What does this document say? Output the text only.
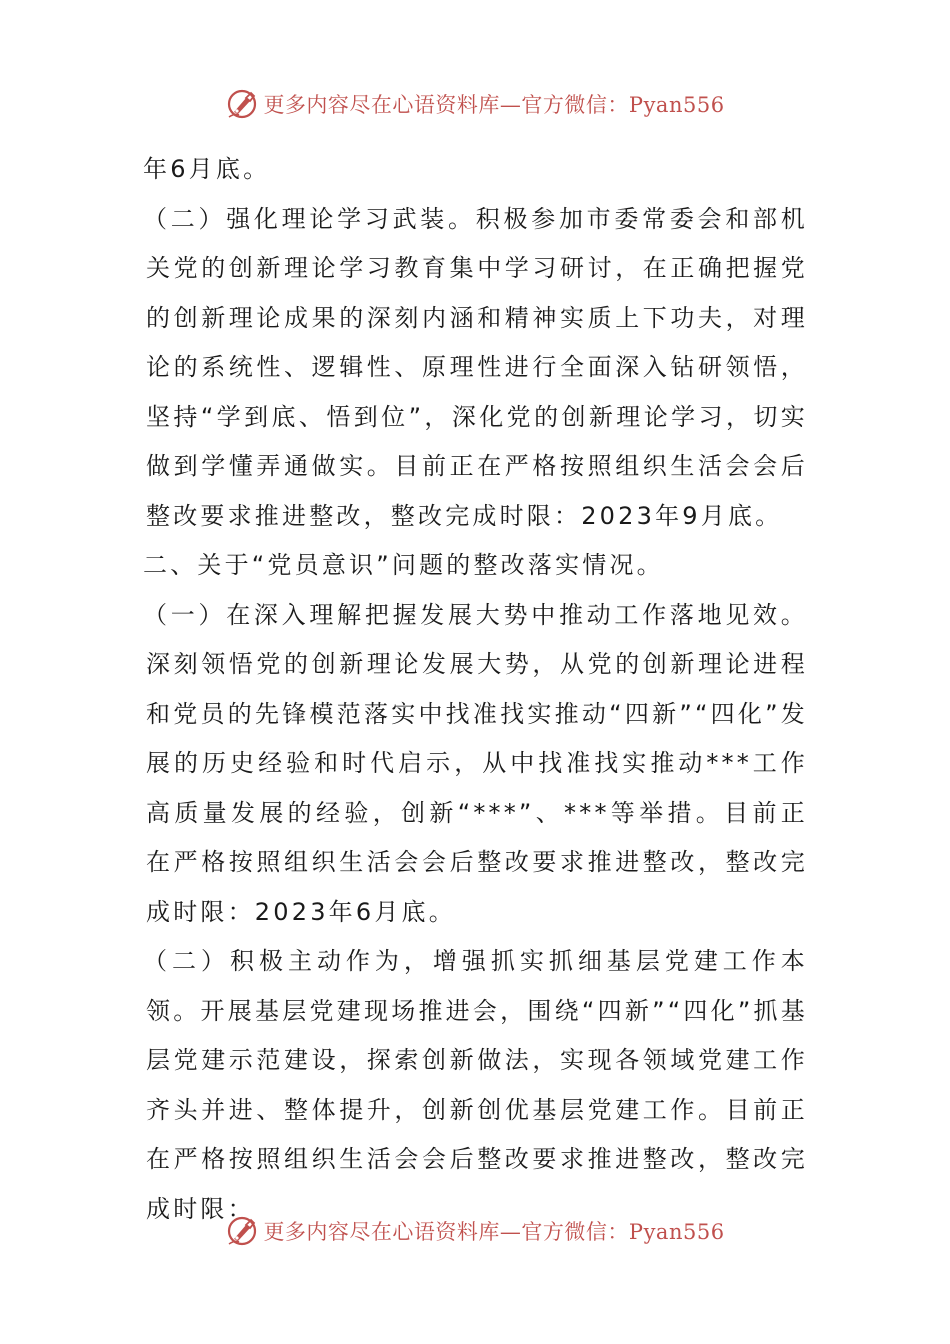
更多内容尽在心语资料库—官方微信：Pyan556

年6月底。

（二）强化理论学习武装。积极参加市委常委会和部机关党的创新理论学习教育集中学习研讨，在正确把握党的创新理论成果的深刻内涵和精神实质上下功夫，对理论的系统性、逻辑性、原理性进行全面深入钻研领悟，坚持“学到底、悟到位”，深化党的创新理论学习，切实做到学懂弄通做实。目前正在严格按照组织生活会会后整改要求推进整改，整改完成时限：2023年9月底。

二、关于“党员意识”问题的整改落实情况。

（一）在深入理解把握发展大势中推动工作落地见效。深刻领悟党的创新理论发展大势，从党的创新理论进程和党员的先锋模范落实中找准找实推动“四新”“四化”发展的历史经验和时代启示，从中找准找实推动***工作高质量发展的经验，创新“***”、***等举措。目前正在严格按照组织生活会会后整改要求推进整改，整改完成时限：2023年6月底。

（二）积极主动作为，增强抓实抓细基层党建工作本领。开展基层党建现场推进会，围绕“四新”“四化”抓基层党建示范建设，探索创新做法，实现各领域党建工作齐头并进、整体提升，创新创优基层党建工作。目前正在严格按照组织生活会会后整改要求推进整改，整改完成时限：

更多内容尽在心语资料库—官方微信：Pyan556
